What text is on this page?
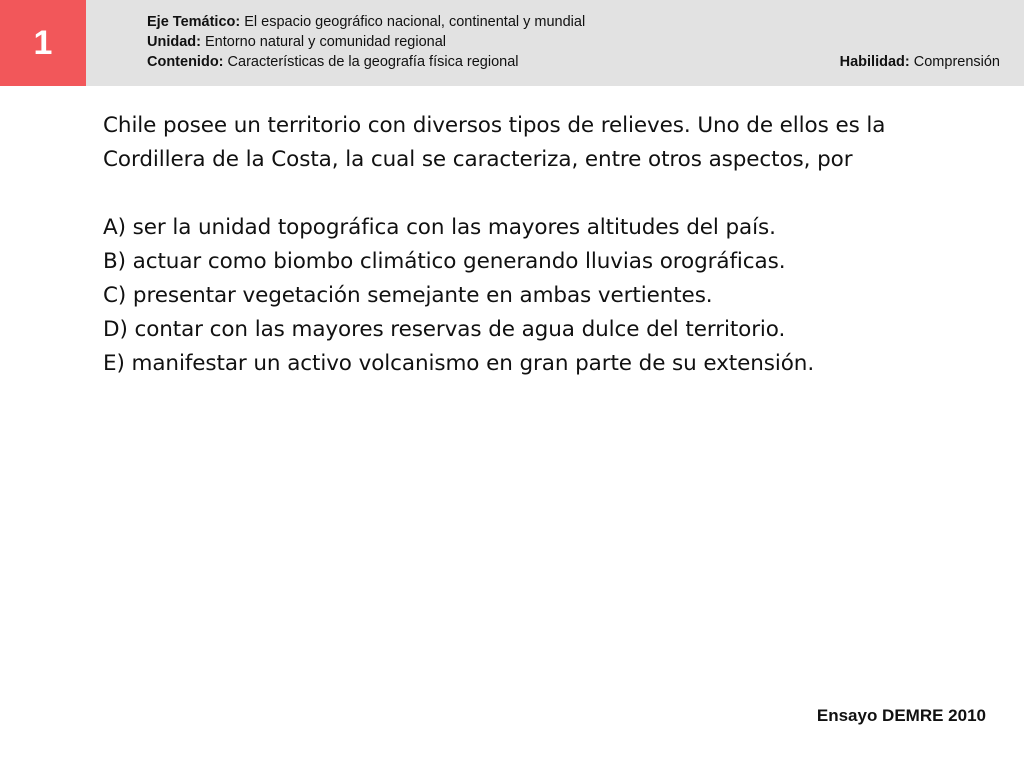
1
Eje Temático: El espacio geográfico nacional, continental y mundial
Unidad: Entorno natural y comunidad regional
Contenido: Características de la geografía física regional	Habilidad: Comprensión

Chile posee un territorio con diversos tipos de relieves. Uno de ellos es la

Cordillera de la Costa, la cual se caracteriza, entre otros aspectos, por

A) ser la unidad topográfica con las mayores altitudes del país.
B) actuar como biombo climático generando lluvias orográficas.
C) presentar vegetación semejante en ambas vertientes.
D) contar con las mayores reservas de agua dulce del territorio.
E) manifestar un activo volcanismo en gran parte de su extensión.
Ensayo DEMRE 2010
